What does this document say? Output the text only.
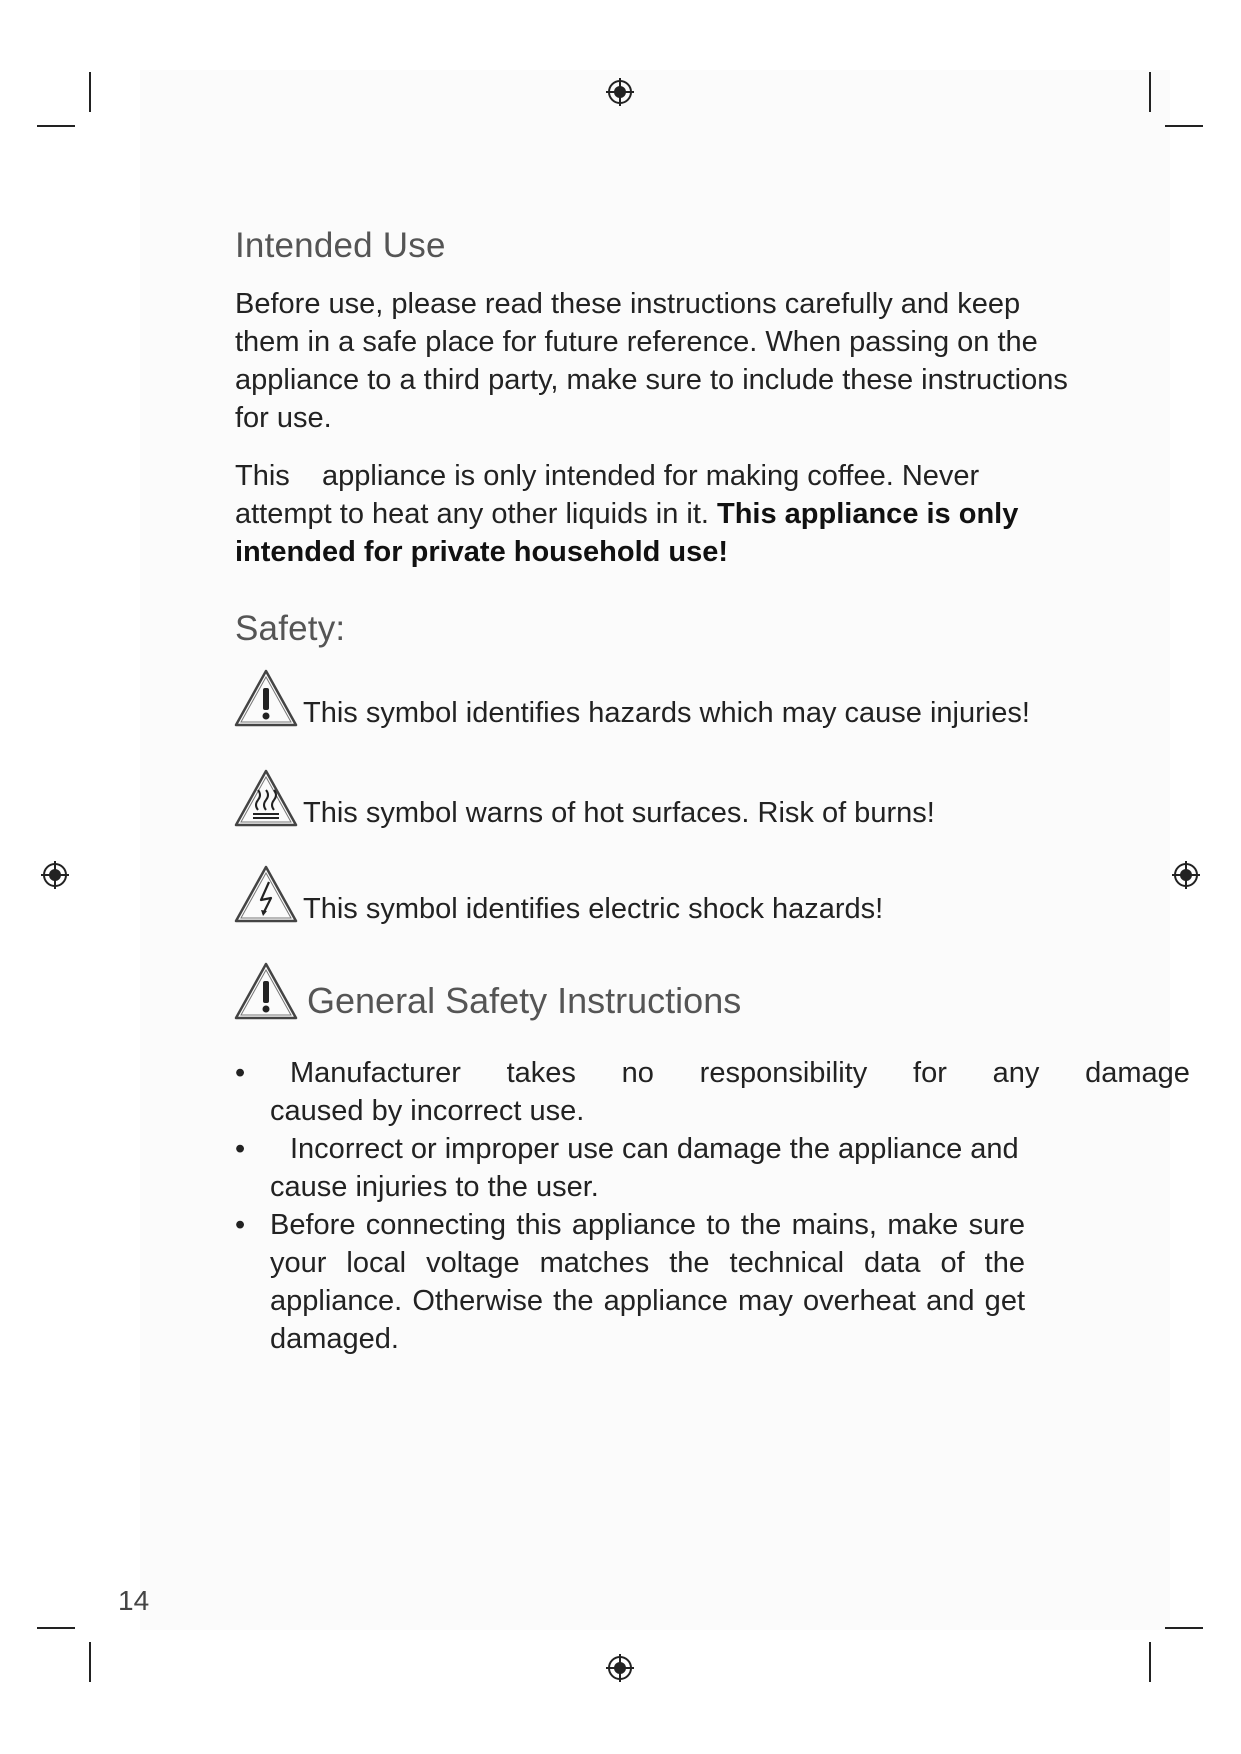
Intended Use

Before use, please read these instructions carefully and keep them in a safe place for future reference. When passing on the appliance to a third party, make sure to include these instructions for use.

This    appliance is only intended for making coffee. Never attempt to heat any other liquids in it. This appliance is only intended for private household use!

Safety:
This symbol identifies hazards which may cause injuries!
This symbol warns of hot surfaces. Risk of burns!
This symbol identifies electric shock hazards!
General Safety Instructions
• Manufacturer takes no responsibility for any damage
caused by incorrect use.
• Incorrect or improper use can damage the appliance and
cause injuries to the user.
• Before connecting this appliance to the mains, make sure your local voltage matches the technical data of the appliance. Otherwise the appliance may overheat and get damaged.
14
